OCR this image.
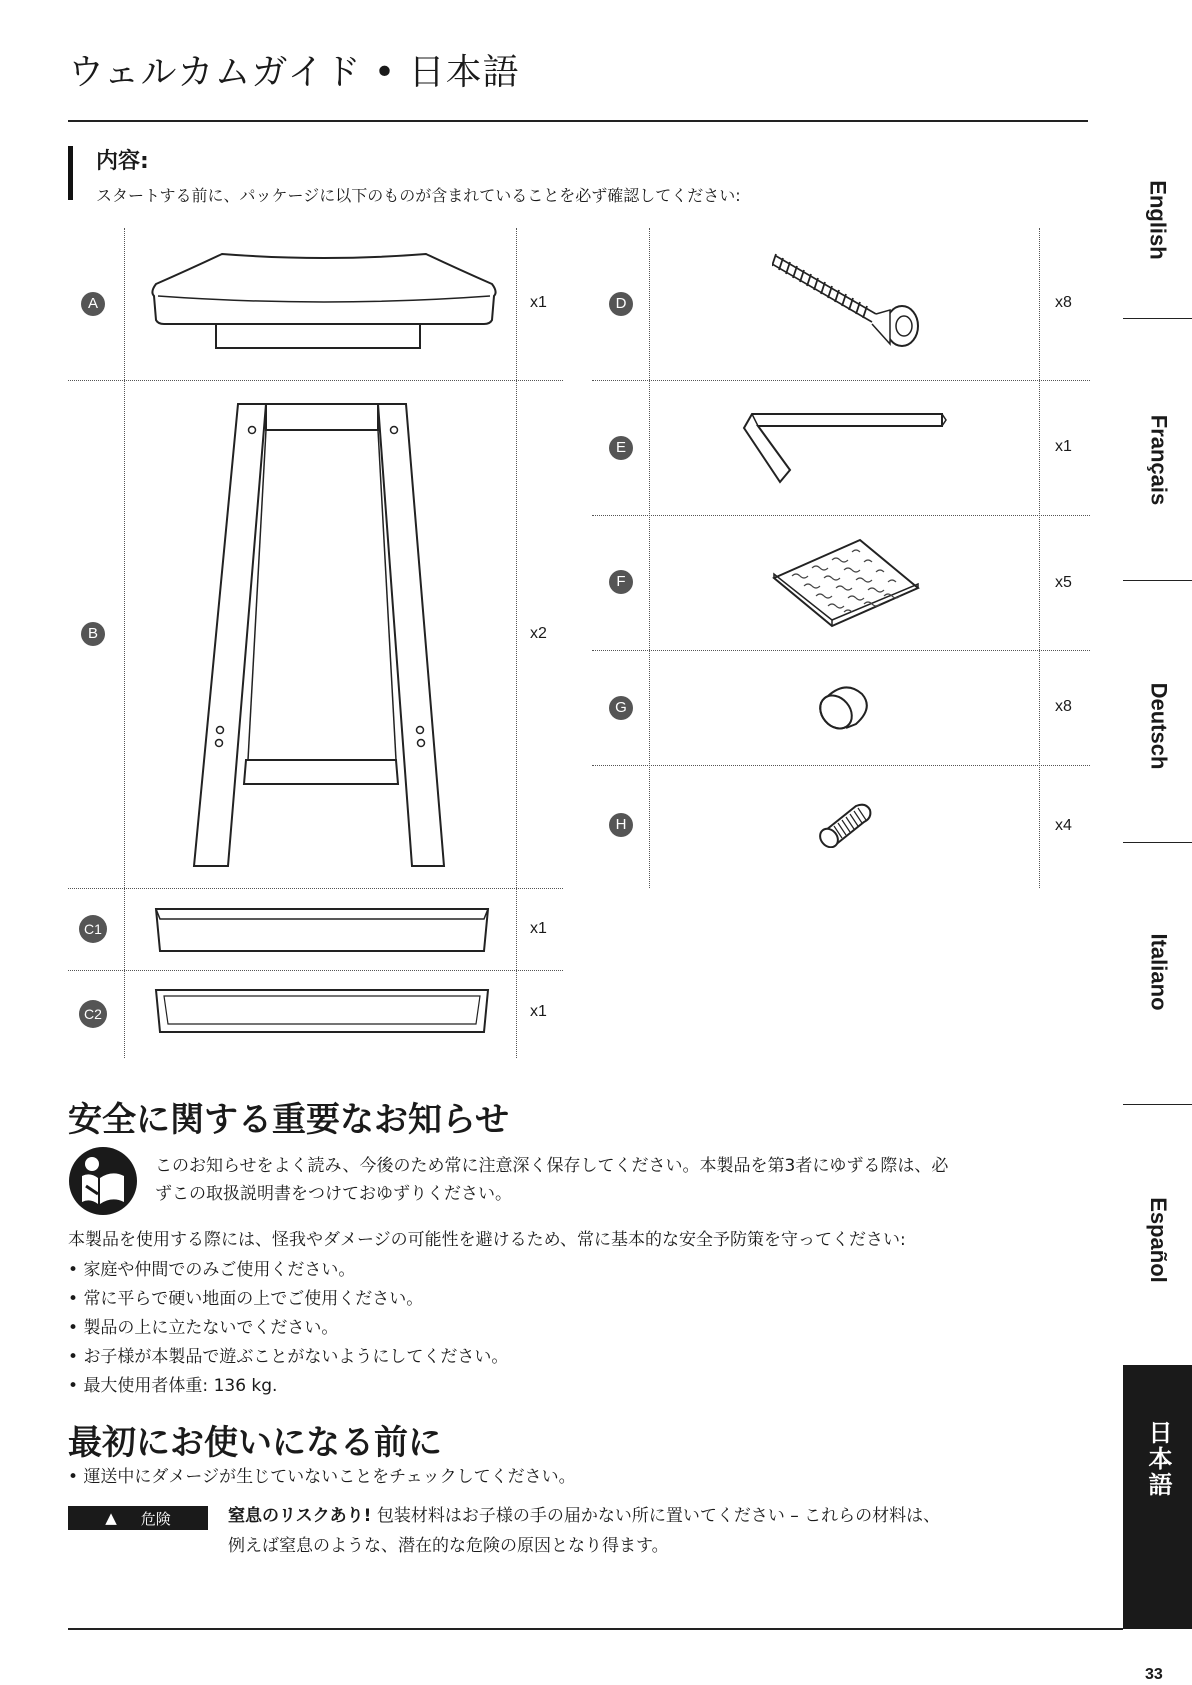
ウェルカムガイド • 日本語
内容:
スタートする前に、パッケージに以下のものが含まれていることを必ず確認してください:
A	x1
B	x2
C1	x1
C2	x1
D	x8
E	x1
F	x5
G	x8
H	x4
English
Français
Deutsch
Italiano
Español
日本語
安全に関する重要なお知らせ
このお知らせをよく読み、今後のため常に注意深く保存してください。本製品を第3者にゆずる際は、必
ずこの取扱説明書をつけておゆずりください。
本製品を使用する際には、怪我やダメージの可能性を避けるため、常に基本的な安全予防策を守ってください:
• 家庭や仲間でのみご使用ください。
• 常に平らで硬い地面の上でご使用ください。
• 製品の上に立たないでください。
• お子様が本製品で遊ぶことがないようにしてください。
• 最大使用者体重: 136 kg.
最初にお使いになる前に
• 運送中にダメージが生じていないことをチェックしてください。
▲ 危険	窒息のリスクあり! 包装材料はお子様の手の届かない所に置いてください – これらの材料は、
例えば窒息のような、潜在的な危険の原因となり得ます。
33
